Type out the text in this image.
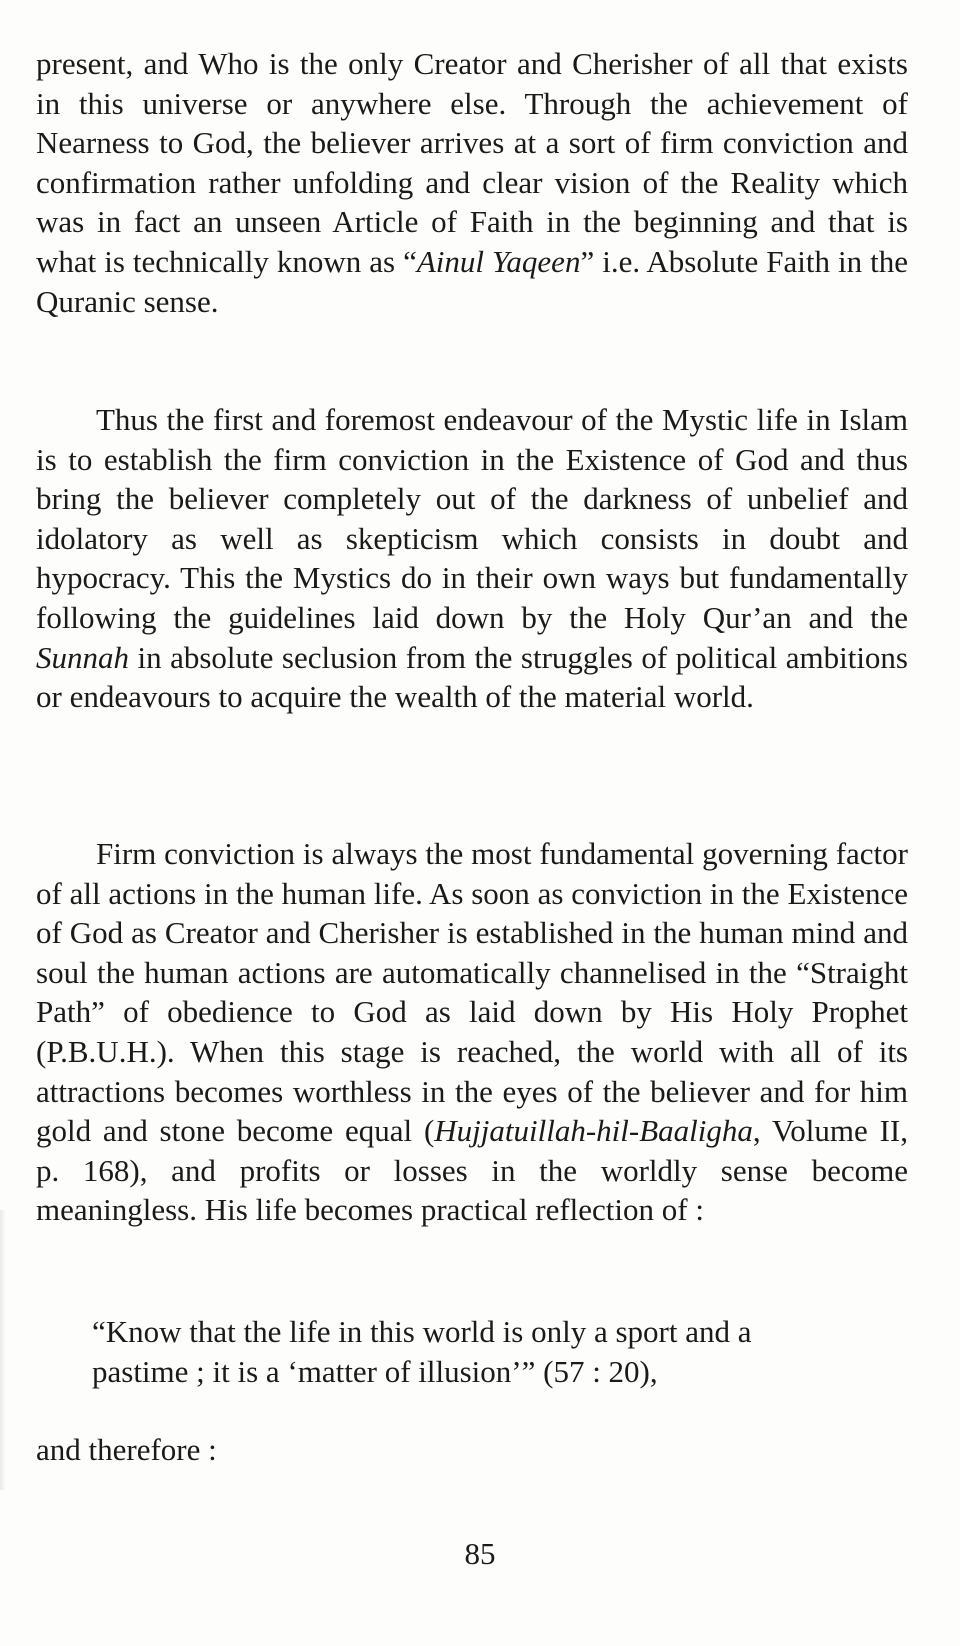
present, and Who is the only Creator and Cherisher of all that exists in this universe or anywhere else. Through the achievement of Nearness to God, the believer arrives at a sort of firm conviction and confirmation rather unfolding and clear vision of the Reality which was in fact an unseen Article of Faith in the beginning and that is what is technically known as “Ainul Yaqeen” i.e. Absolute Faith in the Quranic sense.

Thus the first and foremost endeavour of the Mystic life in Islam is to establish the firm conviction in the Existence of God and thus bring the believer completely out of the darkness of unbelief and idolatory as well as skepticism which consists in doubt and hypocracy. This the Mystics do in their own ways but fundamentally following the guidelines laid down by the Holy Qur’an and the Sunnah in absolute seclusion from the struggles of political ambitions or endeavours to acquire the wealth of the material world.

Firm conviction is always the most fundamental governing factor of all actions in the human life. As soon as conviction in the Existence of God as Creator and Cherisher is established in the human mind and soul the human actions are automatically channelised in the “Straight Path” of obedience to God as laid down by His Holy Prophet (P.B.U.H.). When this stage is reached, the world with all of its attractions becomes worthless in the eyes of the believer and for him gold and stone become equal (Hujjatuillah-hil-Baaligha, Volume II, p. 168), and profits or losses in the worldly sense become meaningless. His life becomes practical reflection of :

“Know that the life in this world is only a sport and a
pastime ; it is a ‘matter of illusion’” (57 : 20),

and therefore :

85
